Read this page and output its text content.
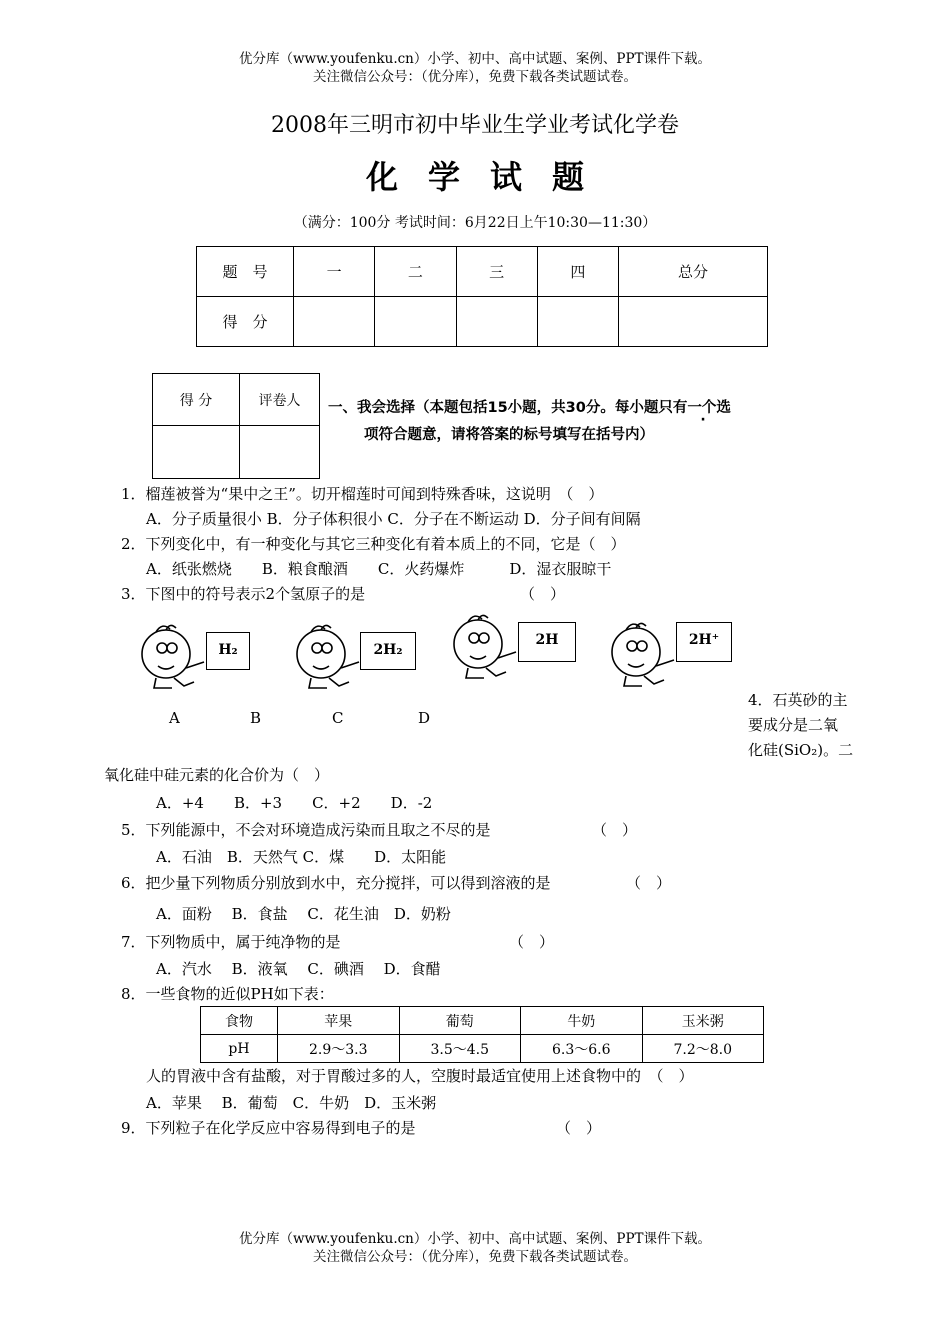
优分库（www.youfenku.cn）小学、初中、高中试题、案例、PPT课件下载。
关注微信公众号：（优分库），免费下载各类试题试卷。
2008年三明市初中毕业生学业考试化学卷
化学试题
（满分：100分 考试时间：6月22日上午10:30—11:30）
题　号	一	二	三	四	总分
得　分					
得 分	评卷人
	一、我会选择（本题包括15小题，共30分。每小题只有一个选
项符合题意，请将答案的标号填写在括号内）
1．榴莲被誉为“果中之王”。切开榴莲时可闻到特殊香味，这说明　（　）
A．分子质量很小 B．分子体积很小 C．分子在不断运动 D．分子间有间隔
2．下列变化中，有一种变化与其它三种变化有着本质上的不同，它是（　）
A．纸张燃烧　　B．粮食酿酒　　C．火药爆炸　　　D．湿衣服晾干
3．下图中的符号表示2个氢原子的是	（　）
H₂	2H₂
2H	2H⁺
A	B	C	D
4．石英砂的主
要成分是二氧
化硅(SiO₂)。二
氧化硅中硅元素的化合价为（　）
A．+4　　B．+3　　C．+2　　D．-2
5．下列能源中，不会对环境造成污染而且取之不尽的是	（　）
A．石油　B．天然气 C．煤　　D．太阳能
6．把少量下列物质分别放到水中，充分搅拌，可以得到溶液的是	（　）
A．面粉　 B．食盐　 C．花生油　D．奶粉
7．下列物质中，属于纯净物的是	（　）
A．汽水　 B．液氧　 C．碘酒　 D．食醋
8．一些食物的近似PH如下表：
食物	苹果	葡萄	牛奶	玉米粥
pH	2.9～3.3	3.5～4.5	6.3～6.6	7.2～8.0
人的胃液中含有盐酸，对于胃酸过多的人，空腹时最适宜使用上述食物中的　（　）
A．苹果　 B．葡萄　C．牛奶　D．玉米粥
9．下列粒子在化学反应中容易得到电子的是	（　）
优分库（www.youfenku.cn）小学、初中、高中试题、案例、PPT课件下载。
关注微信公众号：（优分库），免费下载各类试题试卷。
